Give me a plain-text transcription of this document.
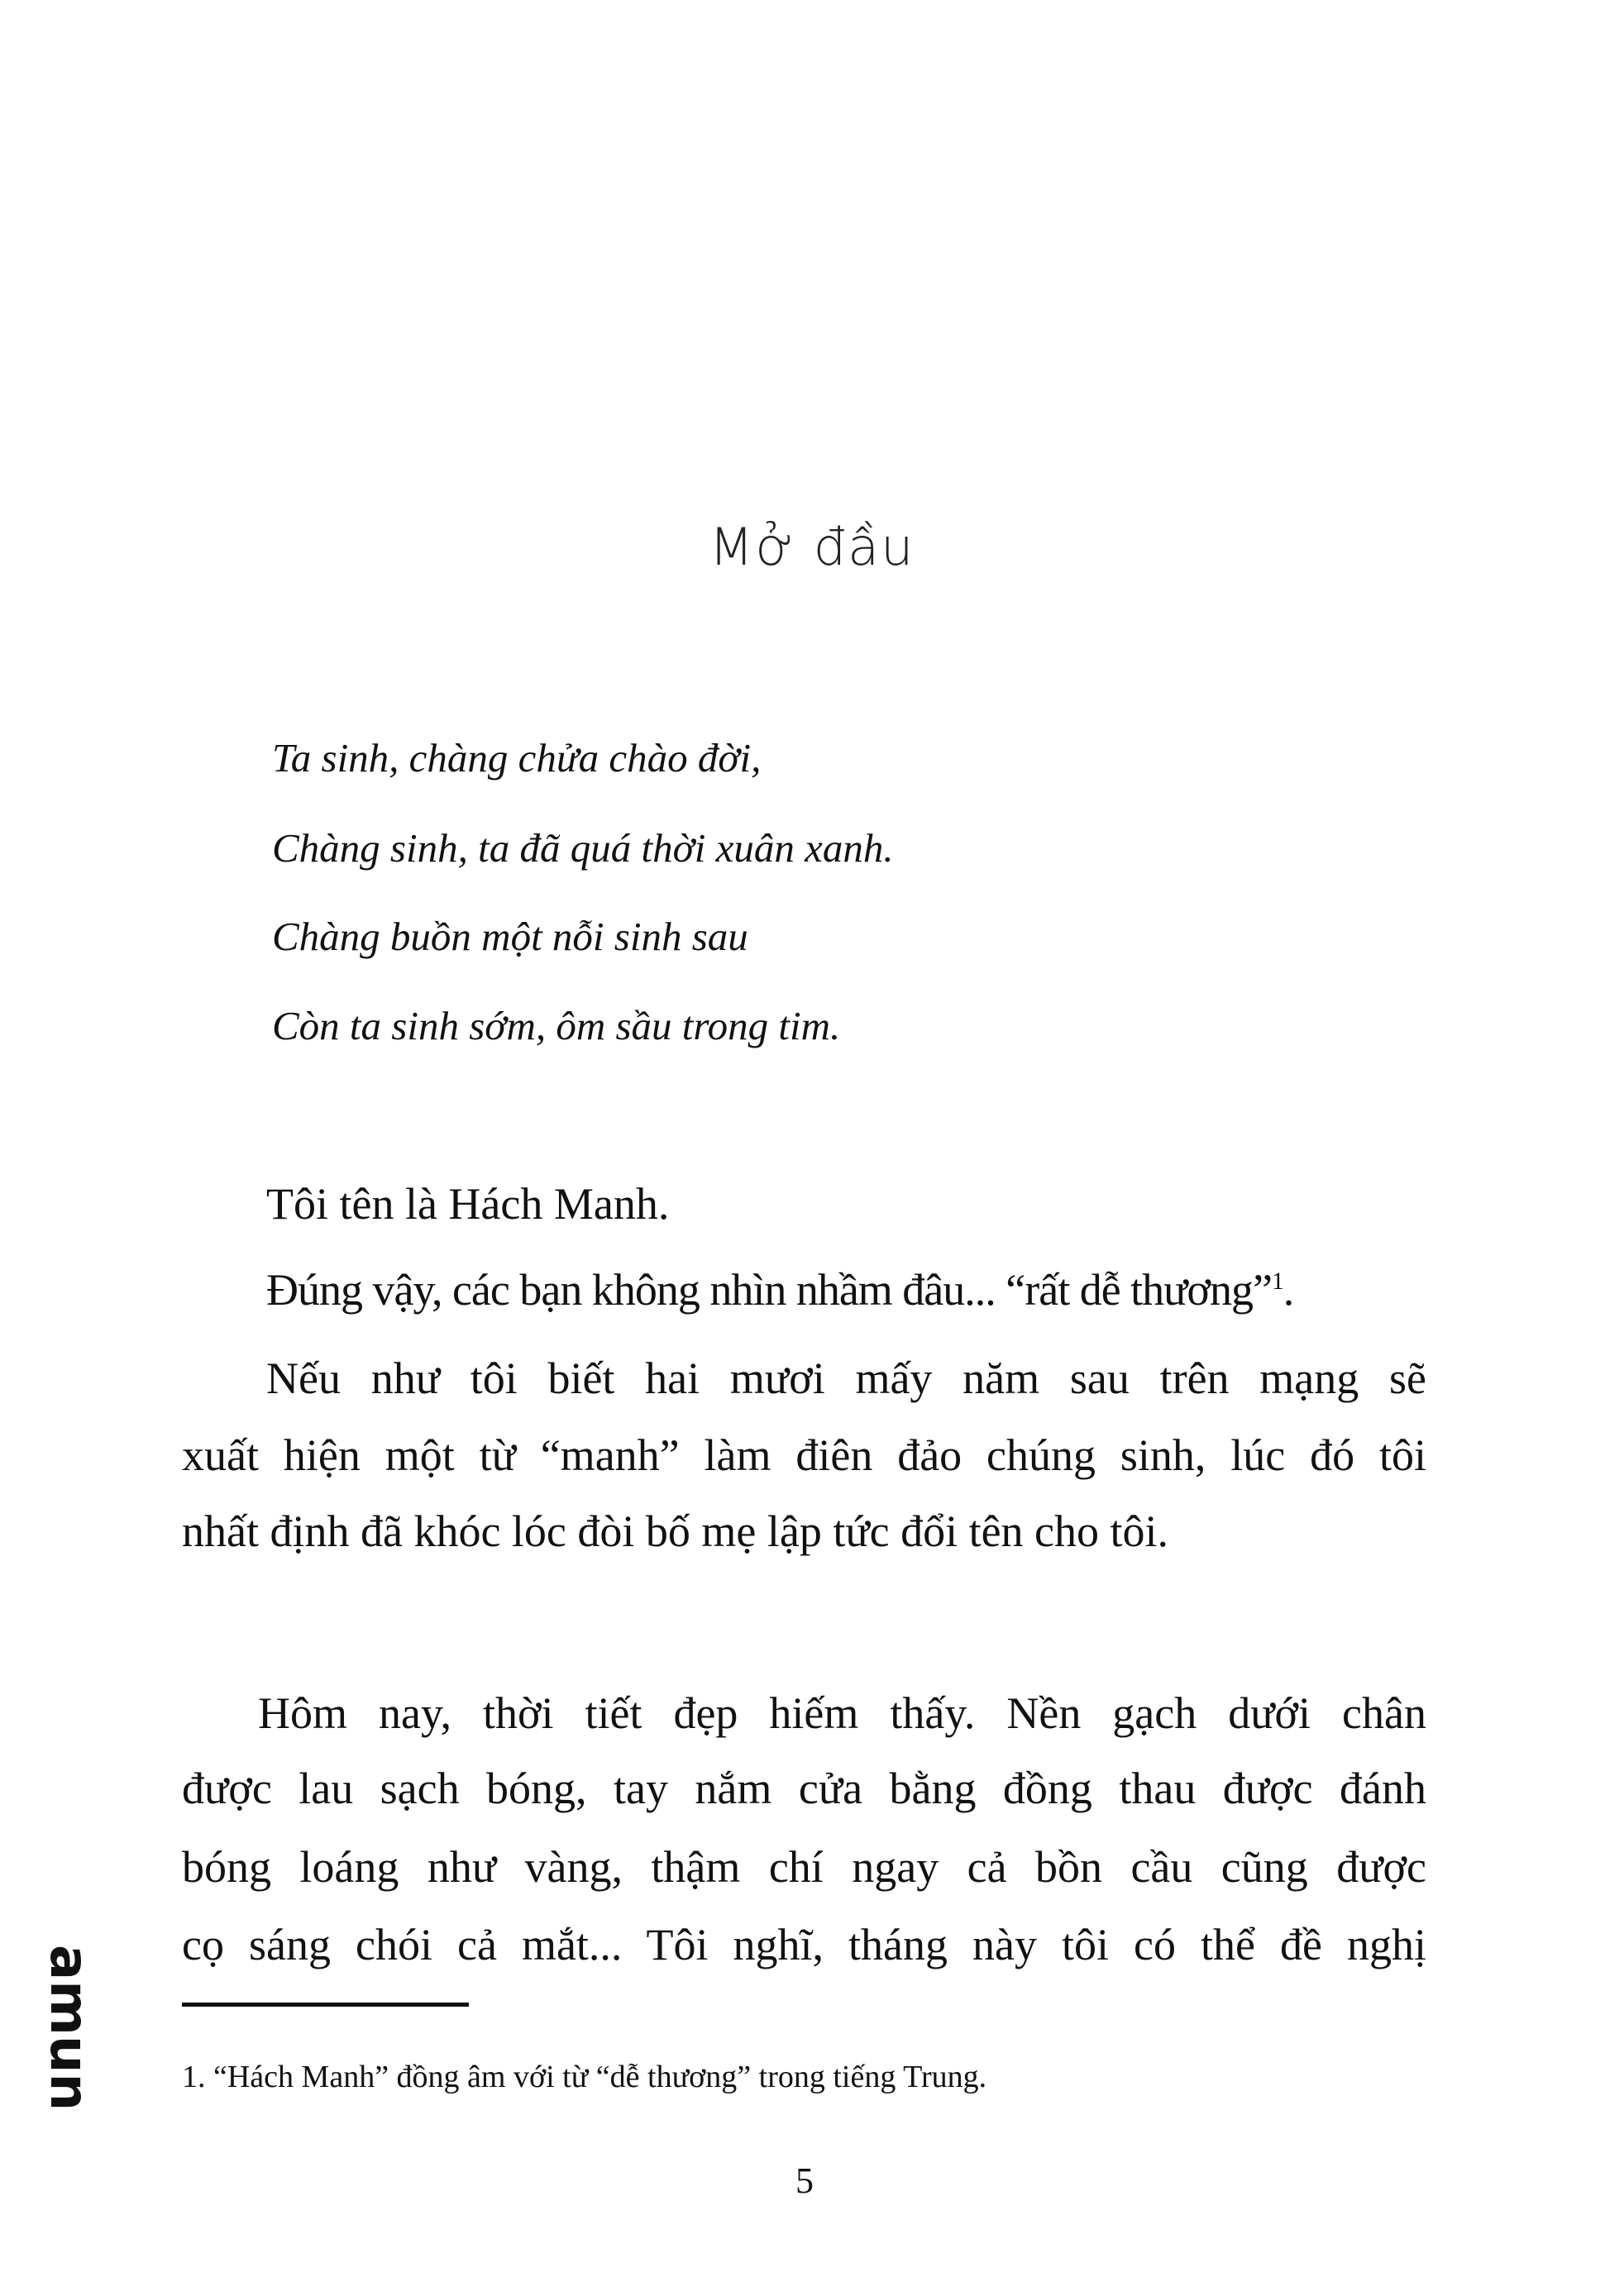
Mở đầu
Ta sinh, chàng chửa chào đời,
Chàng sinh, ta đã quá thời xuân xanh.
Chàng buồn một nỗi sinh sau
Còn ta sinh sớm, ôm sầu trong tim.
Tôi tên là Hách Manh.
Đúng vậy, các bạn không nhìn nhầm đâu... “rất dễ thương”$^1$.
Nếu như tôi biết hai mươi mấy năm sau trên mạng sẽ
xuất hiện một từ “manh” làm điên đảo chúng sinh, lúc đó tôi
nhất định đã khóc lóc đòi bố mẹ lập tức đổi tên cho tôi.
Hôm nay, thời tiết đẹp hiếm thấy. Nền gạch dưới chân
được lau sạch bóng, tay nắm cửa bằng đồng thau được đánh
bóng loáng như vàng, thậm chí ngay cả bồn cầu cũng được
cọ sáng chói cả mắt... Tôi nghĩ, tháng này tôi có thể đề nghị
1. “Hách Manh” đồng âm với từ “dễ thương” trong tiếng Trung.
5
amun
